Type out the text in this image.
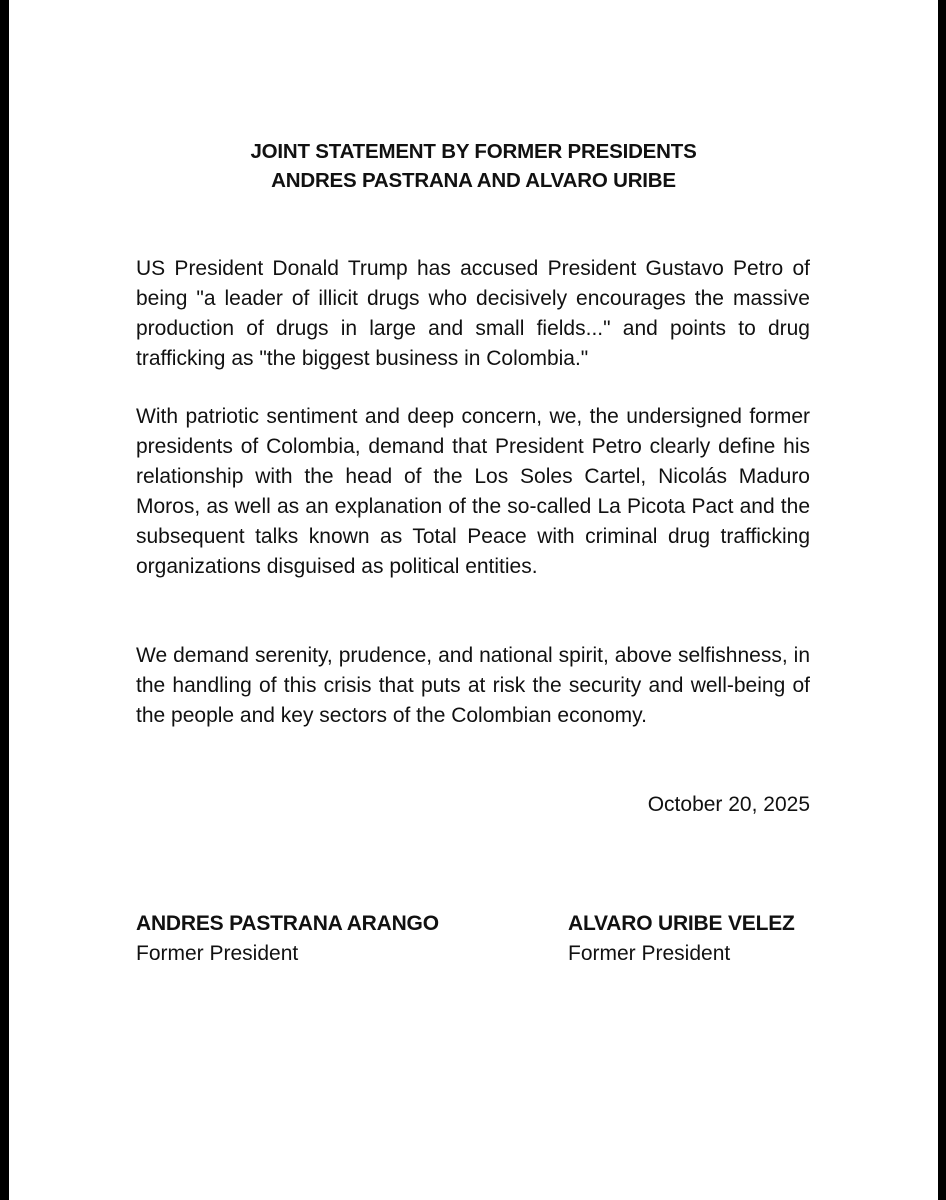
JOINT STATEMENT BY FORMER PRESIDENTS
ANDRES PASTRANA AND ALVARO URIBE
US President Donald Trump has accused President Gustavo Petro of being "a leader of illicit drugs who decisively encourages the massive production of drugs in large and small fields..." and points to drug trafficking as "the biggest business in Colombia."
With patriotic sentiment and deep concern, we, the undersigned former presidents of Colombia, demand that President Petro clearly define his relationship with the head of the Los Soles Cartel, Nicolás Maduro Moros, as well as an explanation of the so-called La Picota Pact and the subsequent talks known as Total Peace with criminal drug trafficking organizations disguised as political entities.
We demand serenity, prudence, and national spirit, above selfishness, in the handling of this crisis that puts at risk the security and well-being of the people and key sectors of the Colombian economy.
October 20, 2025
ANDRES PASTRANA ARANGO
Former President
ALVARO URIBE VELEZ
Former President
